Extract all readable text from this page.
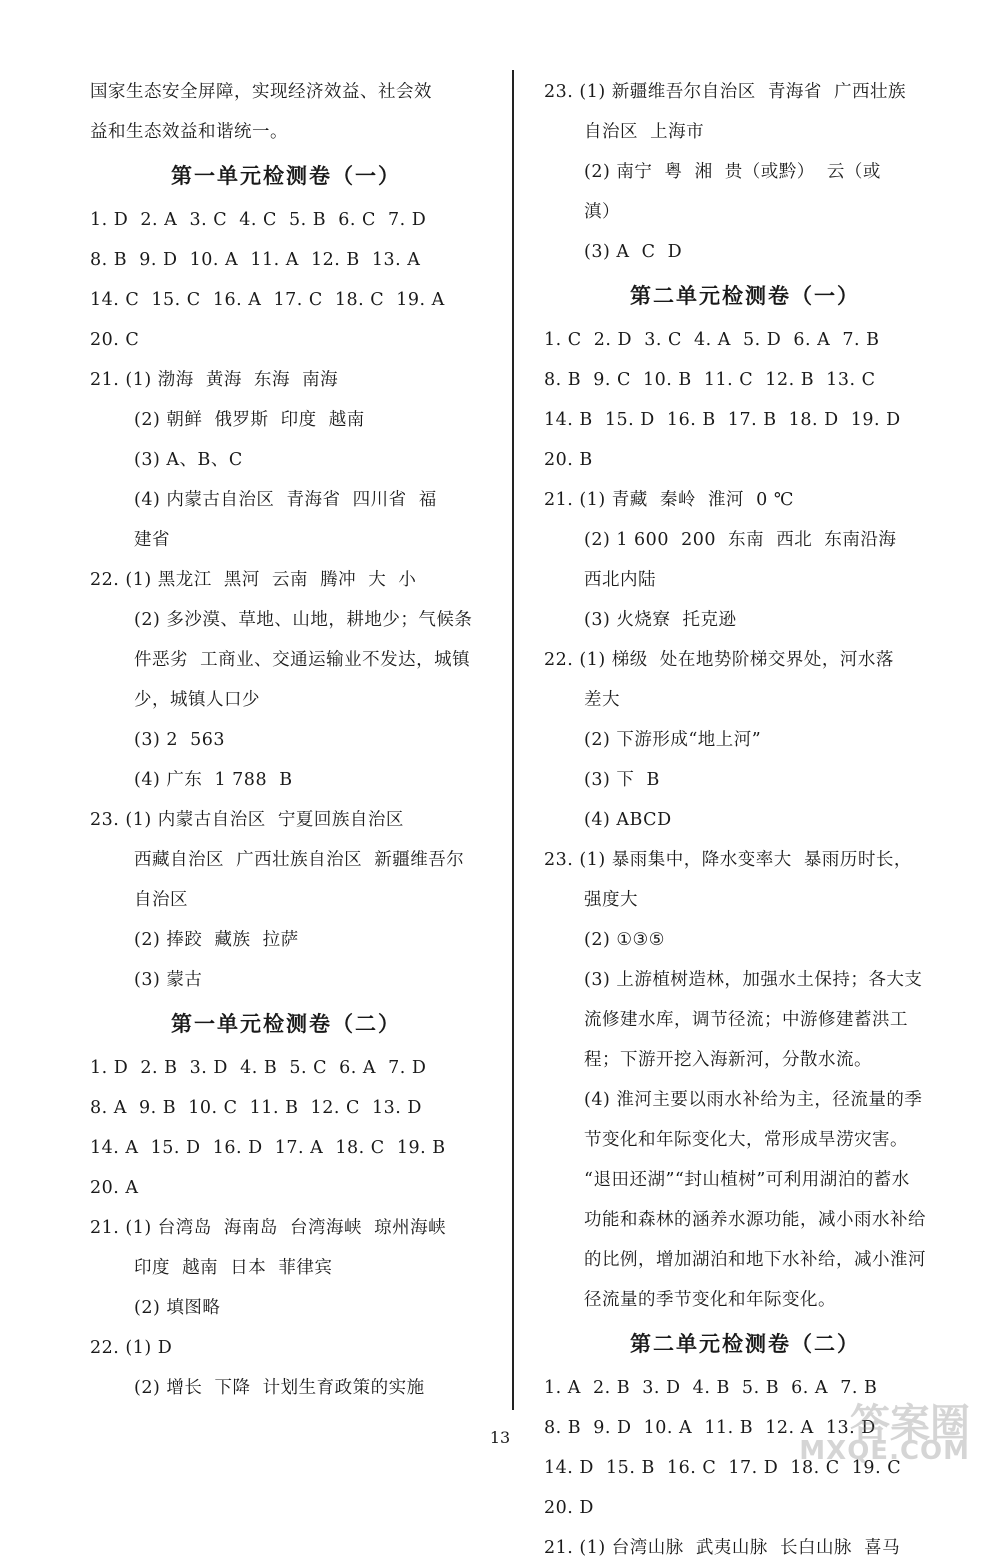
国家生态安全屏障，实现经济效益、社会效
益和生态效益和谐统一。
第一单元检测卷（一）
1. D  2. A  3. C  4. C  5. B  6. C  7. D
8. B  9. D  10. A  11. A  12. B  13. A
14. C  15. C  16. A  17. C  18. C  19. A
20. C
21. (1) 渤海  黄海  东海  南海
(2) 朝鲜  俄罗斯  印度  越南
(3) A、B、C
(4) 内蒙古自治区  青海省  四川省  福
建省
22. (1) 黑龙江  黑河  云南  腾冲  大  小
(2) 多沙漠、草地、山地，耕地少；气候条
件恶劣  工商业、交通运输业不发达，城镇
少，城镇人口少
(3) 2  563
(4) 广东  1 788  B
23. (1) 内蒙古自治区  宁夏回族自治区
西藏自治区  广西壮族自治区  新疆维吾尔
自治区
(2) 捧跤  藏族  拉萨
(3) 蒙古
第一单元检测卷（二）
1. D  2. B  3. D  4. B  5. C  6. A  7. D
8. A  9. B  10. C  11. B  12. C  13. D
14. A  15. D  16. D  17. A  18. C  19. B
20. A
21. (1) 台湾岛  海南岛  台湾海峡  琼州海峡
印度  越南  日本  菲律宾
(2) 填图略
22. (1) D
(2) 增长  下降  计划生育政策的实施
23. (1) 新疆维吾尔自治区  青海省  广西壮族
自治区  上海市
(2) 南宁  粤  湘  贵（或黔）  云（或
滇）
(3) A  C  D
第二单元检测卷（一）
1. C  2. D  3. C  4. A  5. D  6. A  7. B
8. B  9. C  10. B  11. C  12. B  13. C
14. B  15. D  16. B  17. B  18. D  19. D
20. B
21. (1) 青藏  秦岭  淮河  0 ℃
(2) 1 600  200  东南  西北  东南沿海
西北内陆
(3) 火烧寮  托克逊
22. (1) 梯级  处在地势阶梯交界处，河水落
差大
(2) 下游形成“地上河”
(3) 下  B
(4) ABCD
23. (1) 暴雨集中，降水变率大  暴雨历时长，
强度大
(2) ①③⑤
(3) 上游植树造林，加强水土保持；各大支
流修建水库，调节径流；中游修建蓄洪工
程；下游开挖入海新河，分散水流。
(4) 淮河主要以雨水补给为主，径流量的季
节变化和年际变化大，常形成旱涝灾害。
“退田还湖”“封山植树”可利用湖泊的蓄水
功能和森林的涵养水源功能，减小雨水补给
的比例，增加湖泊和地下水补给，减小淮河
径流量的季节变化和年际变化。
第二单元检测卷（二）
1. A  2. B  3. D  4. B  5. B  6. A  7. B
8. B  9. D  10. A  11. B  12. A  13. D
14. D  15. B  16. C  17. D  18. C  19. C
20. D
21. (1) 台湾山脉  武夷山脉  长白山脉  喜马
13	答案圈
MXQE.COM
